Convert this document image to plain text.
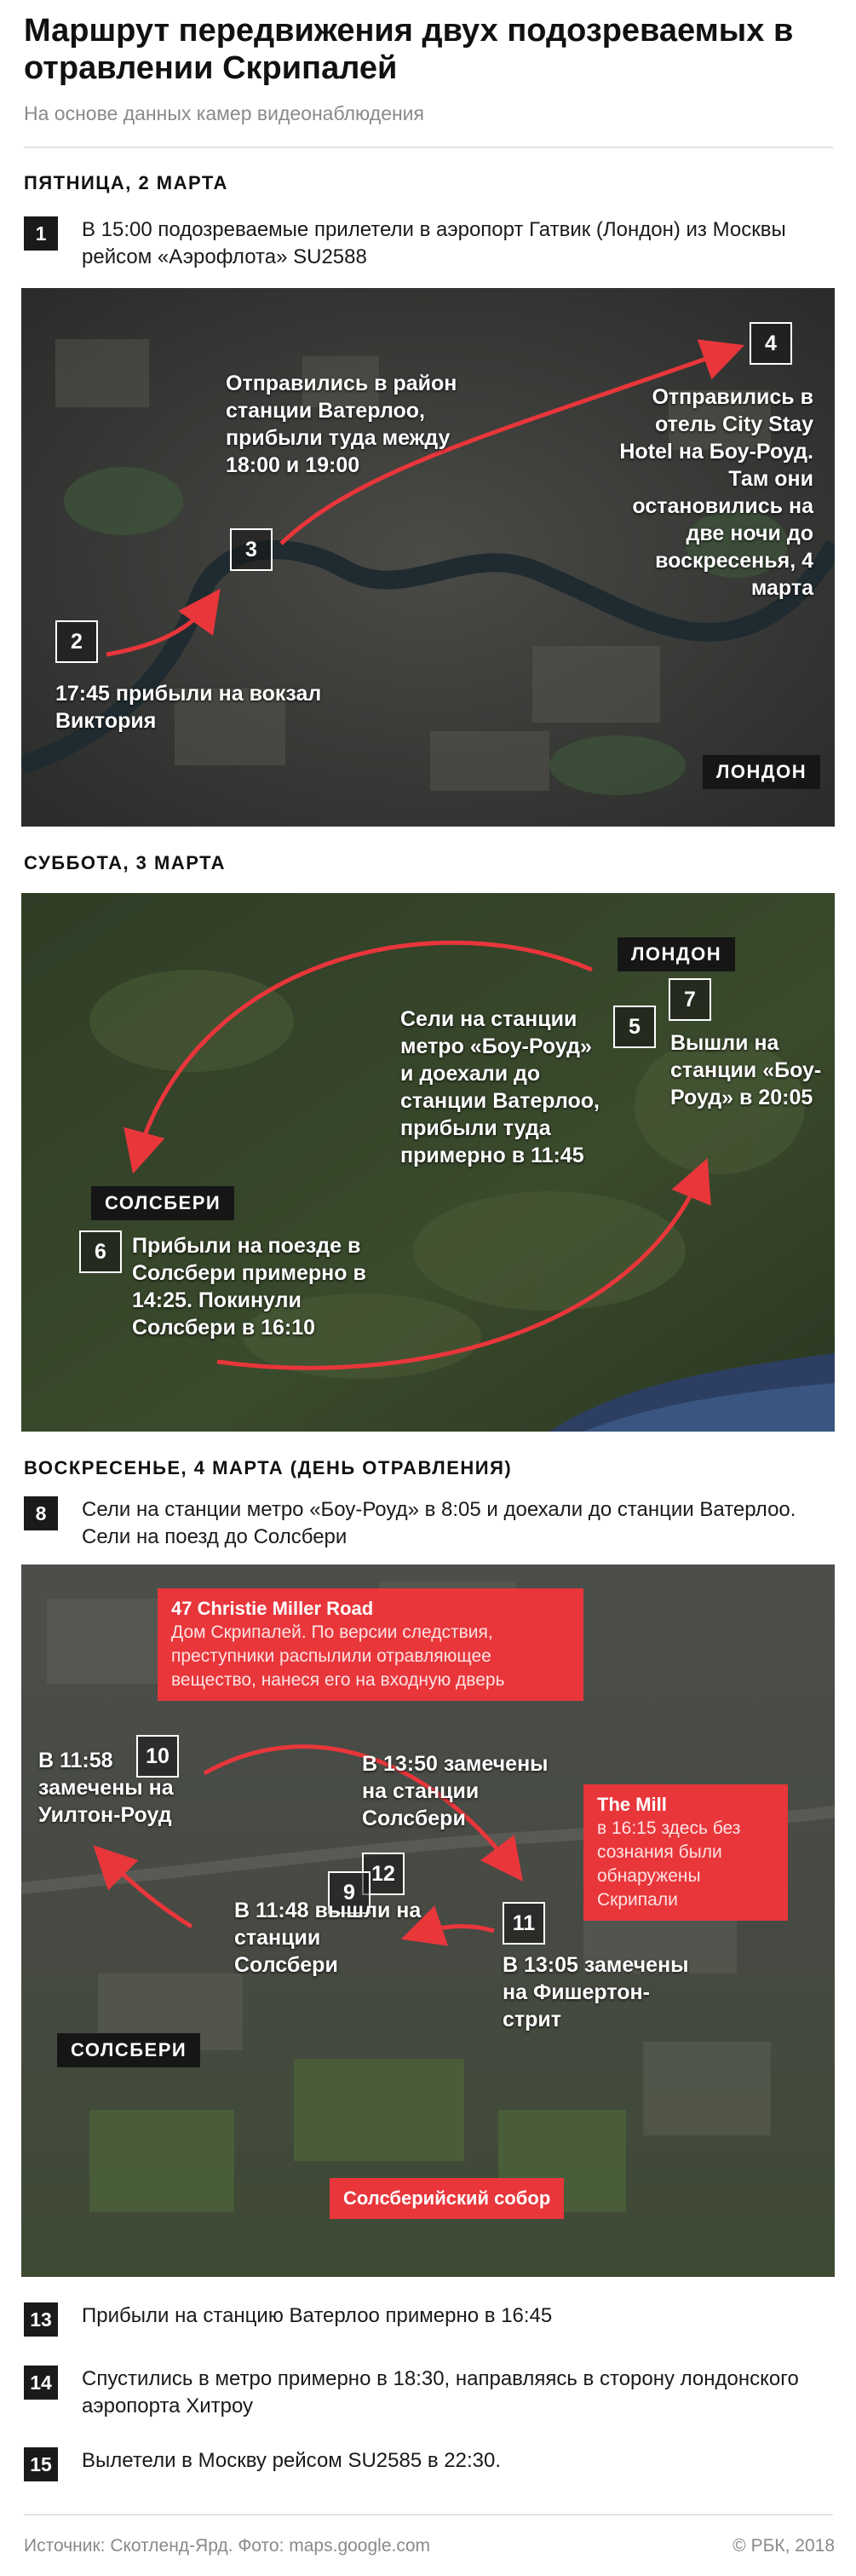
Маршрут передвижения двух подозреваемых в отравлении Скрипалей
На основе данных камер видеонаблюдения
ПЯТНИЦА, 2 МАРТА
1	В 15:00 подозреваемые прилетели в аэропорт Гатвик (Лондон) из Москвы рейсом «Аэрофлота» SU2588
2
17:45 прибыли на вокзал Виктория
3
Отправились в район станции Ватерлоо, прибыли туда между 18:00 и 19:00
4
Отправились в отель City Stay Hotel на Боу-Роуд. Там они остановились на две ночи до воскресенья, 4 марта
ЛОНДОН
СУББОТА, 3 МАРТА
ЛОНДОН
СОЛСБЕРИ
5
Сели на станции метро «Боу-Роуд» и доехали до станции Ватерлоо, прибыли туда примерно в 11:45
7
Вышли на станции «Боу-Роуд» в 20:05
6	Прибыли на поезде в Солсбери примерно в 14:25. Покинули Солсбери в 16:10
ВОСКРЕСЕНЬЕ, 4 МАРТА (ДЕНЬ ОТРАВЛЕНИЯ)
8	Сели на станции метро «Боу-Роуд» в 8:05 и доехали до станции Ватерлоо. Сели на поезд до Солсбери
47 Christie Miller Road
Дом Скрипалей. По версии следствия, преступники распылили отравляющее вещество, нанеся его на входную дверь
The Mill
в 16:15 здесь без сознания были обнаружены Скрипали
Солсберийский собор
10
В 11:58 замечены на Уилтон-Роуд
В 13:50 замечены на станции Солсбери
12
9
В 11:48 вышли на станции Солсбери
11
В 13:05 замечены на Фишертон-стрит
СОЛСБЕРИ
13	Прибыли на станцию Ватерлоо примерно в 16:45
14	Спустились в метро примерно в 18:30, направляясь в сторону лондонского аэропорта Хитроу
15	Вылетели в Москву рейсом SU2585 в 22:30.
Источник: Скотленд-Ярд. Фото: maps.google.com	© РБК, 2018
